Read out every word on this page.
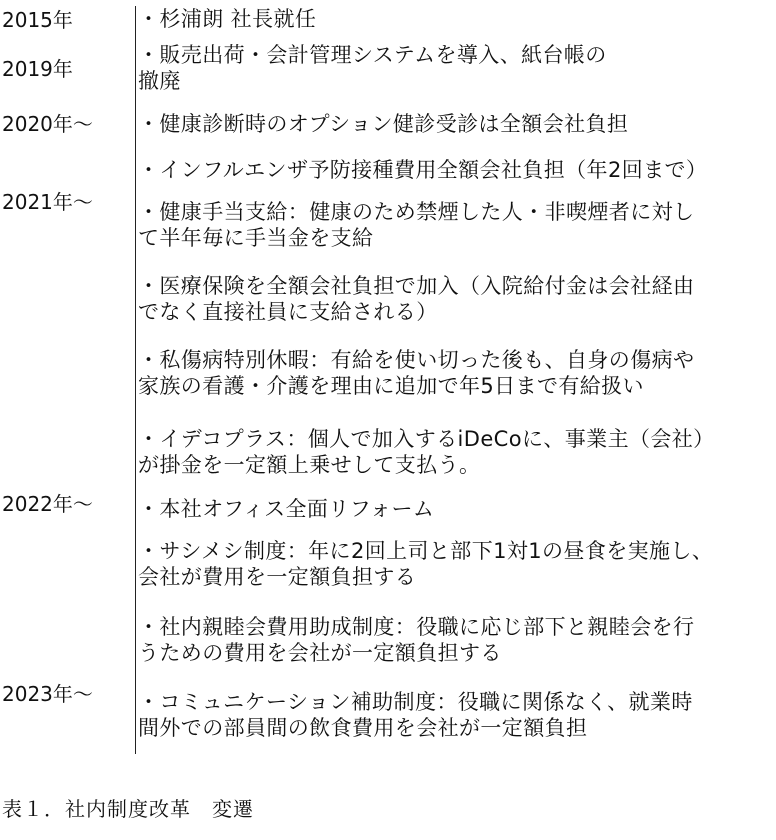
2015年
2019年
2020年〜
2021年〜
2022年〜
2023年〜
・杉浦朗 社長就任
・販売出荷・会計管理システムを導入、紙台帳の
撤廃
・健康診断時のオプション健診受診は全額会社負担
・インフルエンザ予防接種費用全額会社負担（年2回まで）
・健康手当支給：健康のため禁煙した人・非喫煙者に対し
て半年毎に手当金を支給
・医療保険を全額会社負担で加入（入院給付金は会社経由
でなく直接社員に支給される）
・私傷病特別休暇：有給を使い切った後も、自身の傷病や
家族の看護・介護を理由に追加で年5日まで有給扱い
・イデコプラス：個人で加入するiDeCoに、事業主（会社）
が掛金を一定額上乗せして支払う。
・本社オフィス全面リフォーム
・サシメシ制度：年に2回上司と部下1対1の昼食を実施し、
会社が費用を一定額負担する
・社内親睦会費用助成制度：役職に応じ部下と親睦会を行
うための費用を会社が一定額負担する
・コミュニケーション補助制度：役職に関係なく、就業時
間外での部員間の飲食費用を会社が一定額負担
表１．社内制度改革　変遷
